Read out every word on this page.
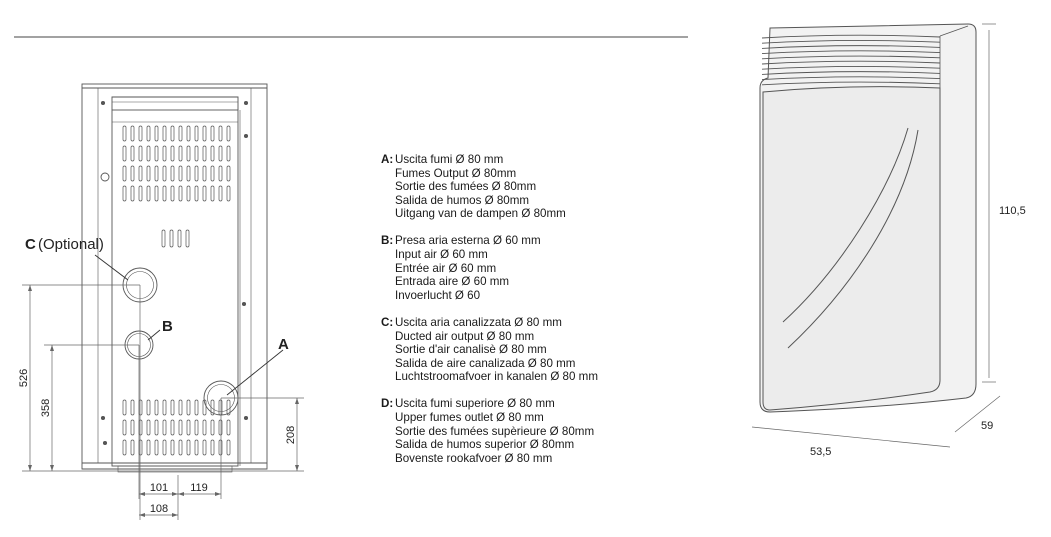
C (Optional)
B
A
526
358
208
101 119
108
110,5
59
53,5
A: Uscita fumi Ø 80 mm
Fumes Output Ø 80mm
Sortie des fumées Ø 80mm
Salida de humos Ø 80mm
Uitgang van de dampen Ø 80mm
B: Presa aria esterna Ø 60 mm
Input air Ø 60 mm
Entrée air Ø 60 mm
Entrada aire Ø 60 mm
Invoerlucht Ø 60
C: Uscita aria canalizzata Ø 80 mm
Ducted air output Ø 80 mm
Sortie d'air canalisè Ø 80 mm
Salida de aire canalizada Ø 80 mm
Luchtstroomafvoer in kanalen Ø 80 mm
D: Uscita fumi superiore Ø 80 mm
Upper fumes outlet Ø 80 mm
Sortie des fumées supèrieure Ø 80mm
Salida de humos superior Ø 80mm
Bovenste rookafvoer Ø 80 mm
